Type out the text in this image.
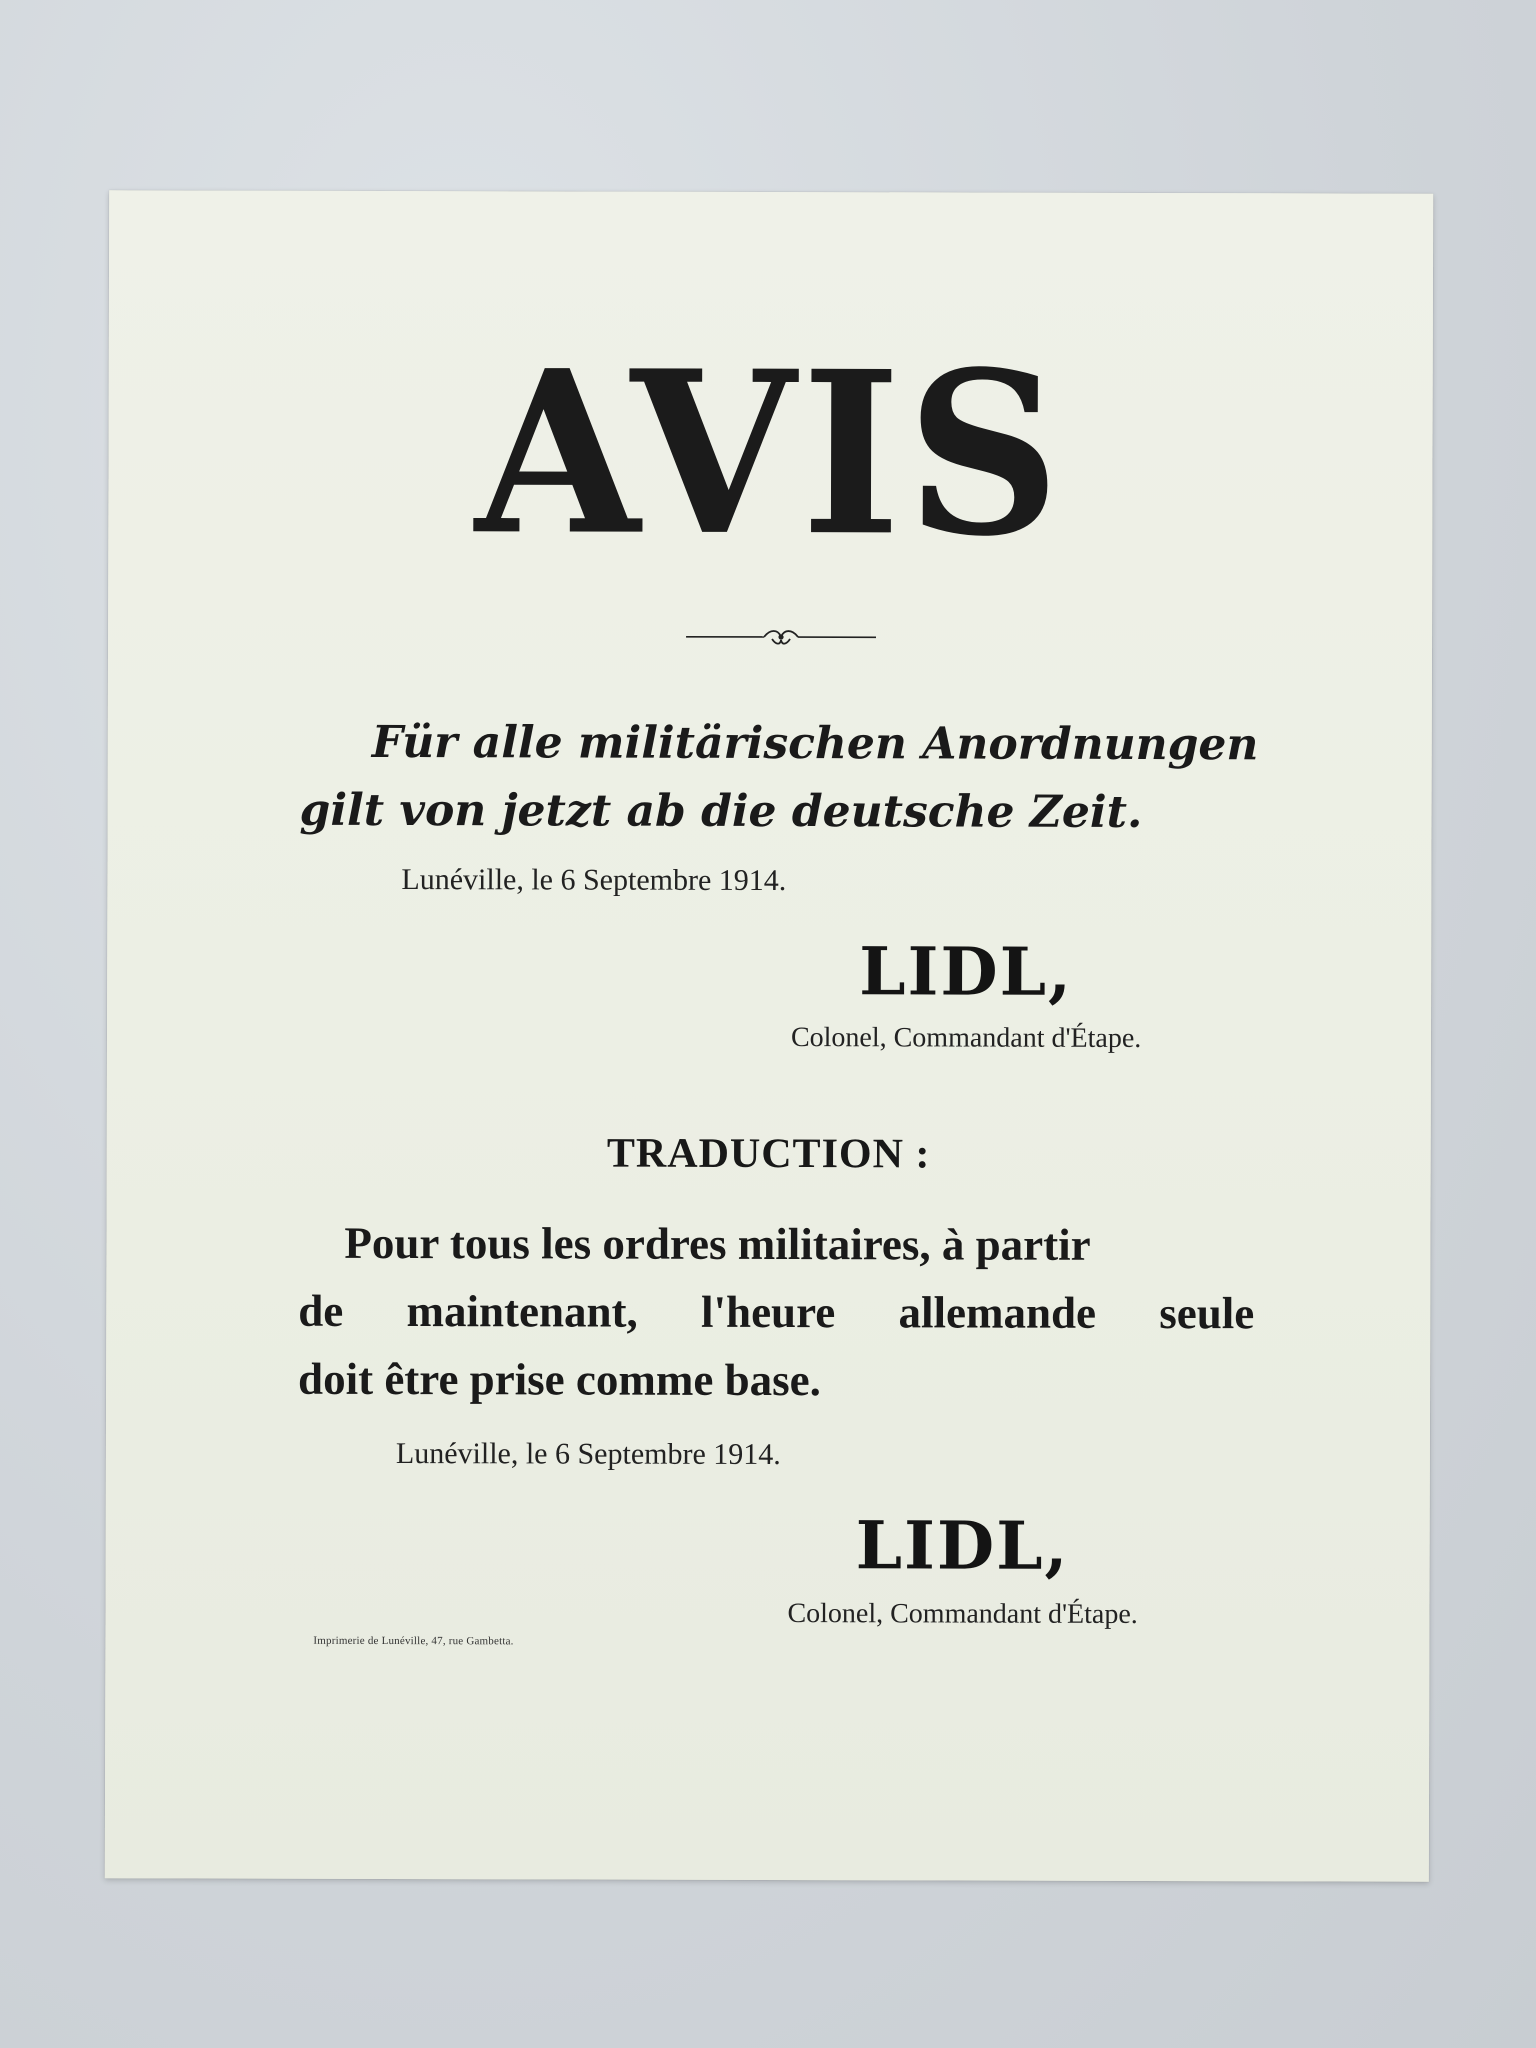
AVIS
Für alle militärischen Anordnungen
gilt von jetzt ab die deutsche Zeit.
Lunéville, le 6 Septembre 1914.
LIDL,
Colonel, Commandant d'Étape.
TRADUCTION :
Pour tous les ordres militaires, à partir
de maintenant, l'heure allemande seule
doit être prise comme base.
Lunéville, le 6 Septembre 1914.
LIDL,
Colonel, Commandant d'Étape.
Imprimerie de Lunéville, 47, rue Gambetta.
